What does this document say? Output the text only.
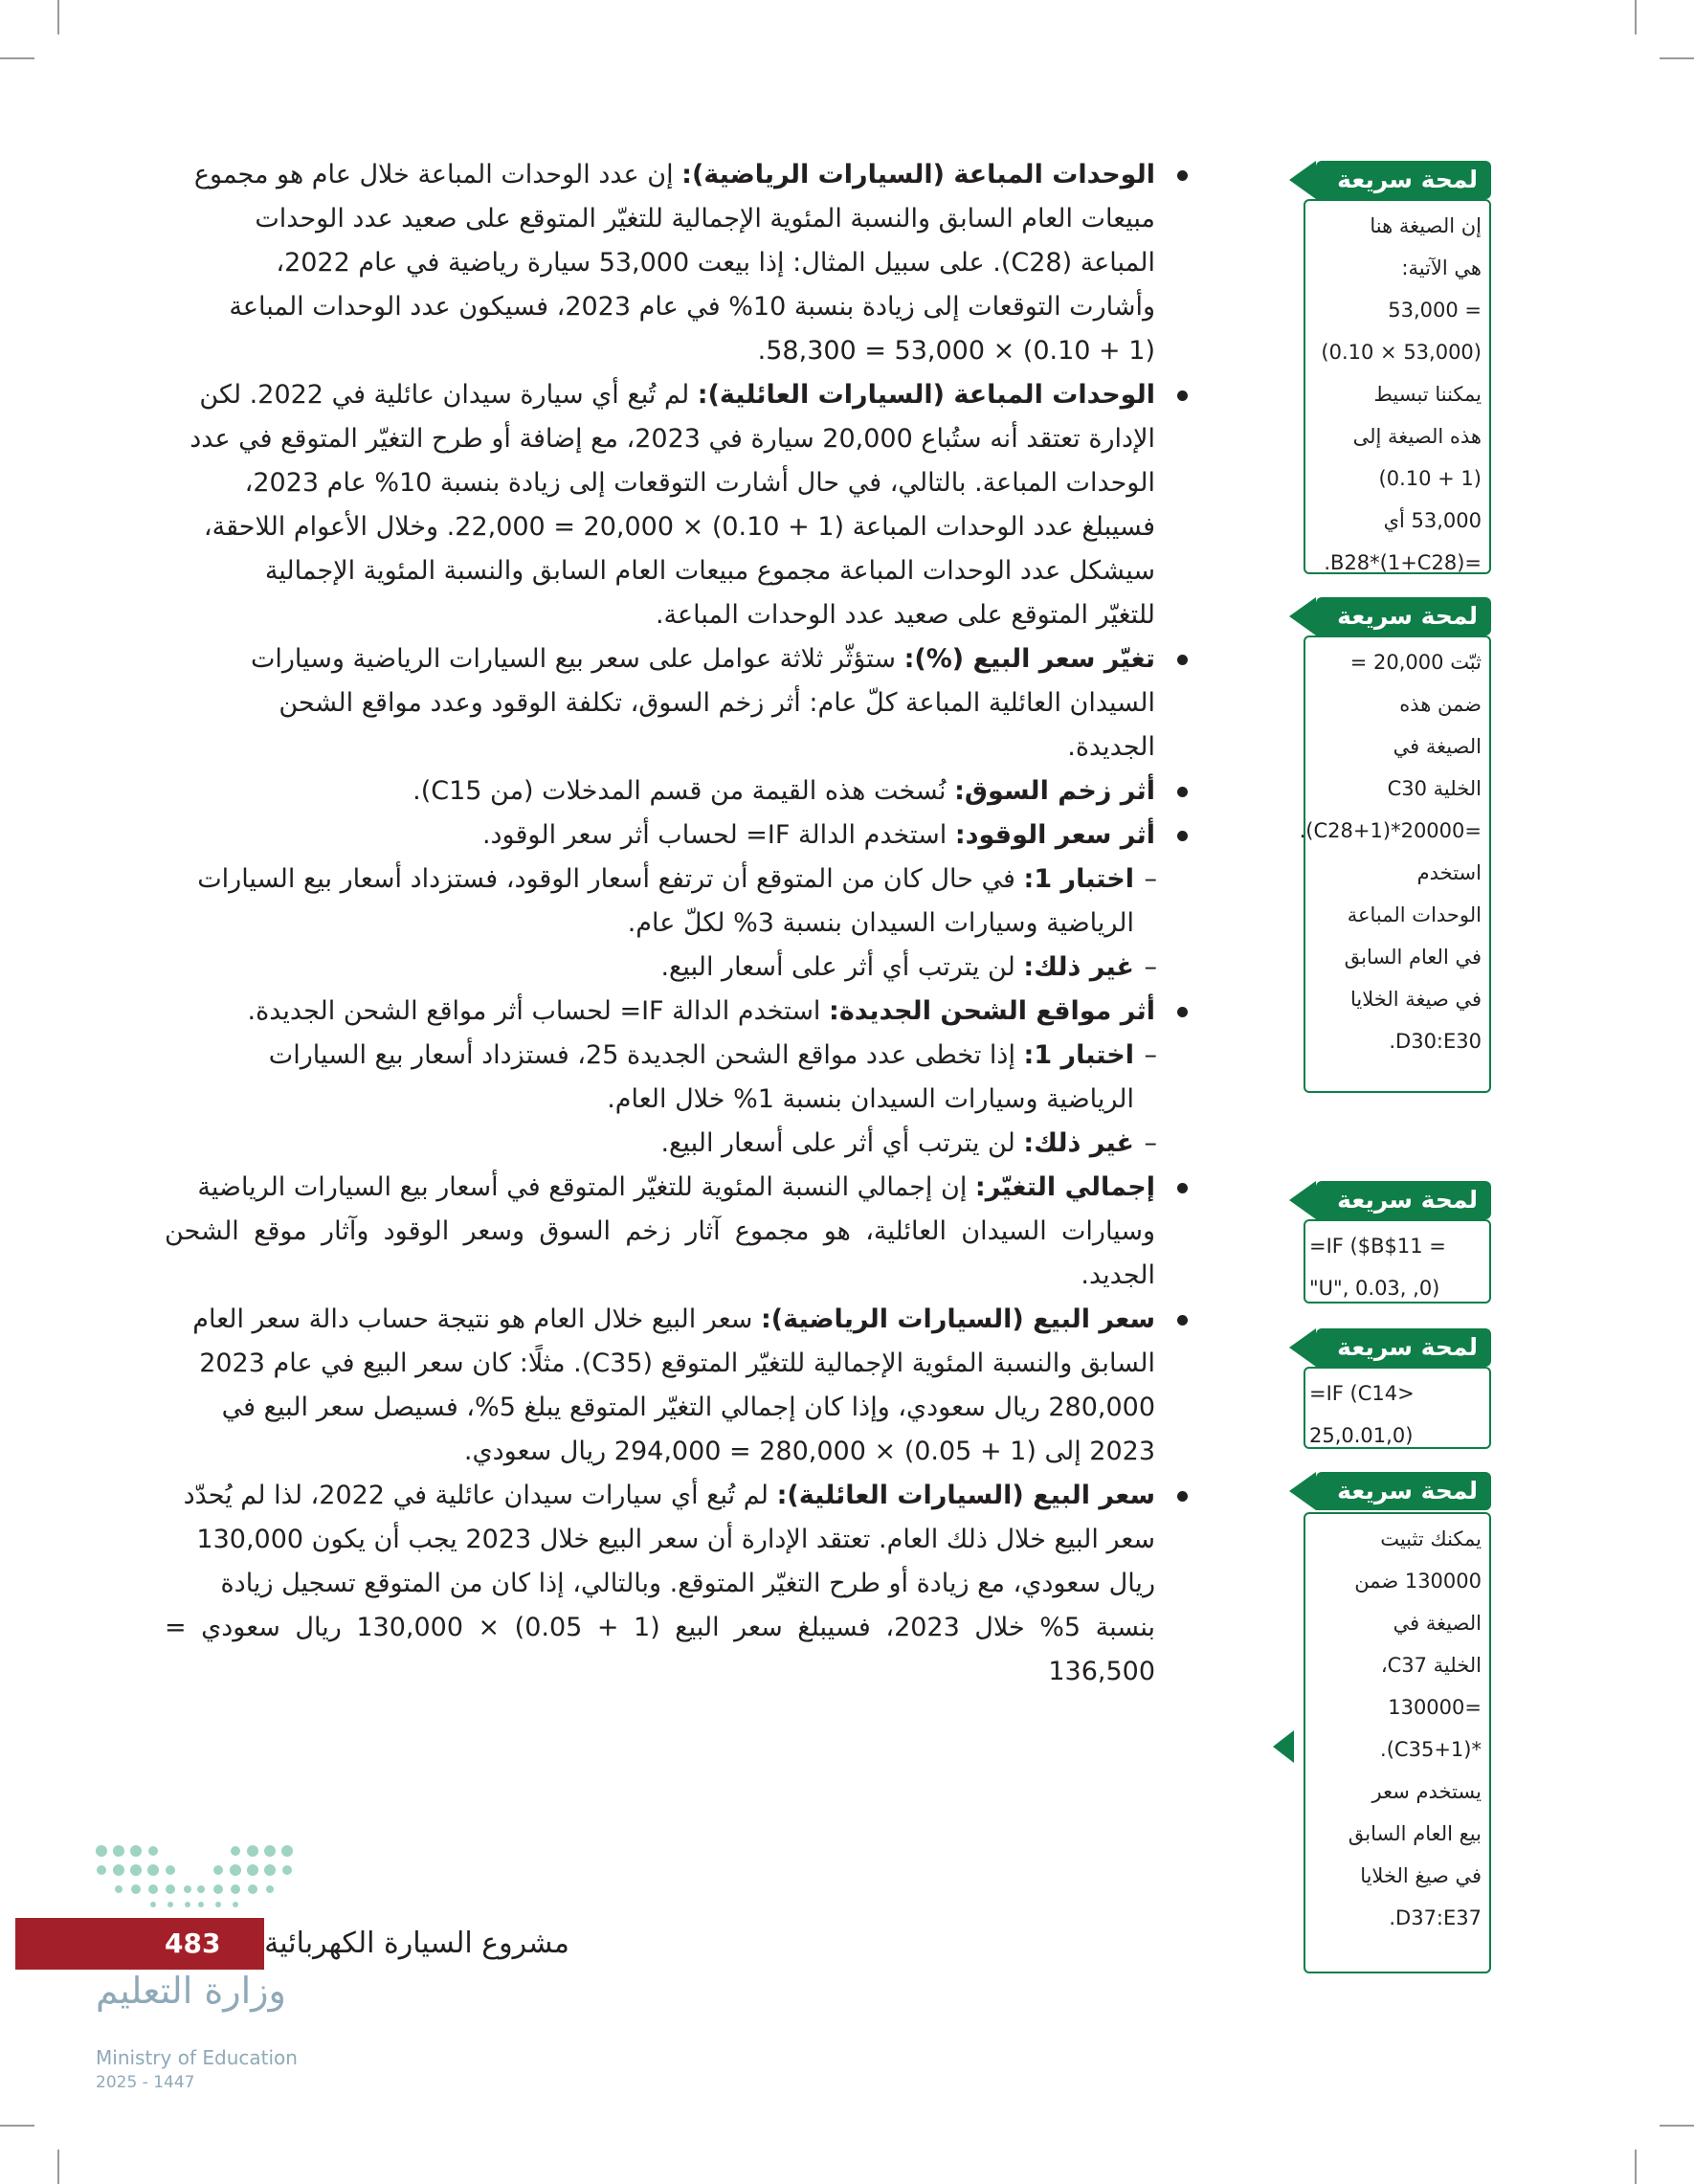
الوحدات المباعة (السيارات الرياضية): إن عدد الوحدات المباعة خلال عام هو مجموع
مبيعات العام السابق والنسبة المئوية الإجمالية للتغيّر المتوقع على صعيد عدد الوحدات
المباعة (C28). على سبيل المثال: إذا بيعت 53,000 سيارة رياضية في عام 2022،
وأشارت التوقعات إلى زيادة بنسبة 10% في عام 2023، فسيكون عدد الوحدات المباعة
(1 + 0.10) × 53,000 = 58,300.
الوحدات المباعة (السيارات العائلية): لم تُبع أي سيارة سيدان عائلية في 2022. لكن
الإدارة تعتقد أنه ستُباع 20,000 سيارة في 2023، مع إضافة أو طرح التغيّر المتوقع في عدد
الوحدات المباعة. بالتالي، في حال أشارت التوقعات إلى زيادة بنسبة 10% عام 2023،
فسيبلغ عدد الوحدات المباعة (1 + 0.10) × 20,000 = 22,000. وخلال الأعوام اللاحقة،
سيشكل عدد الوحدات المباعة مجموع مبيعات العام السابق والنسبة المئوية الإجمالية
للتغيّر المتوقع على صعيد عدد الوحدات المباعة.
تغيّر سعر البيع (%): ستؤثّر ثلاثة عوامل على سعر بيع السيارات الرياضية وسيارات
السيدان العائلية المباعة كلّ عام: أثر زخم السوق، تكلفة الوقود وعدد مواقع الشحن
الجديدة.
أثر زخم السوق: نُسخت هذه القيمة من قسم المدخلات (من C15).
أثر سعر الوقود: استخدم الدالة IF= لحساب أثر سعر الوقود.
– اختبار 1: في حال كان من المتوقع أن ترتفع أسعار الوقود، فستزداد أسعار بيع السيارات
الرياضية وسيارات السيدان بنسبة 3% لكلّ عام.
– غير ذلك: لن يترتب أي أثر على أسعار البيع.
أثر مواقع الشحن الجديدة: استخدم الدالة IF= لحساب أثر مواقع الشحن الجديدة.
– اختبار 1: إذا تخطى عدد مواقع الشحن الجديدة 25، فستزداد أسعار بيع السيارات
الرياضية وسيارات السيدان بنسبة 1% خلال العام.
– غير ذلك: لن يترتب أي أثر على أسعار البيع.
إجمالي التغيّر: إن إجمالي النسبة المئوية للتغيّر المتوقع في أسعار بيع السيارات الرياضية
وسيارات السيدان العائلية، هو مجموع آثار زخم السوق وسعر الوقود وآثار موقع الشحن الجديد.
سعر البيع (السيارات الرياضية): سعر البيع خلال العام هو نتيجة حساب دالة سعر العام
السابق والنسبة المئوية الإجمالية للتغيّر المتوقع (C35). مثلًا: كان سعر البيع في عام 2023
280,000 ريال سعودي، وإذا كان إجمالي التغيّر المتوقع يبلغ 5%، فسيصل سعر البيع في
2023 إلى (1 + 0.05) × 280,000 = 294,000 ريال سعودي.
سعر البيع (السيارات العائلية): لم تُبع أي سيارات سيدان عائلية في 2022، لذا لم يُحدّد
سعر البيع خلال ذلك العام. تعتقد الإدارة أن سعر البيع خلال 2023 يجب أن يكون 130,000
ريال سعودي، مع زيادة أو طرح التغيّر المتوقع. وبالتالي، إذا كان من المتوقع تسجيل زيادة
بنسبة 5% خلال 2023، فسيبلغ سعر البيع (1 + 0.05) × 130,000 ريال سعودي = 136,500

إن الصيغة هنا

هي الآتية:

= 53,000

(53,000 × 0.10)

يمكننا تبسيط

هذه الصيغة إلى

(1 + 0.10)

53,000 أي

=B28*(1+C28).

لمحة سريعة

ثبّت 20,000 =

ضمن هذه

الصيغة في

الخلية C30

=20000*(1+C28).

استخدم

الوحدات المباعة

في العام السابق

في صيغة الخلايا

D30:E30.

لمحة سريعة

=IF ($B$11 =

"U", 0.03, ,0)

لمحة سريعة

=IF (C14>

25,0.01,0)

لمحة سريعة

يمكنك تثبيت

130000 ضمن

الصيغة في

الخلية C37،

=130000

*(1+C35).

يستخدم سعر

بيع العام السابق

في صيغ الخلايا

D37:E37.

لمحة سريعة
483 مشروع السيارة الكهربائية
وزارة التعليم
Ministry of Education
2025 - 1447
